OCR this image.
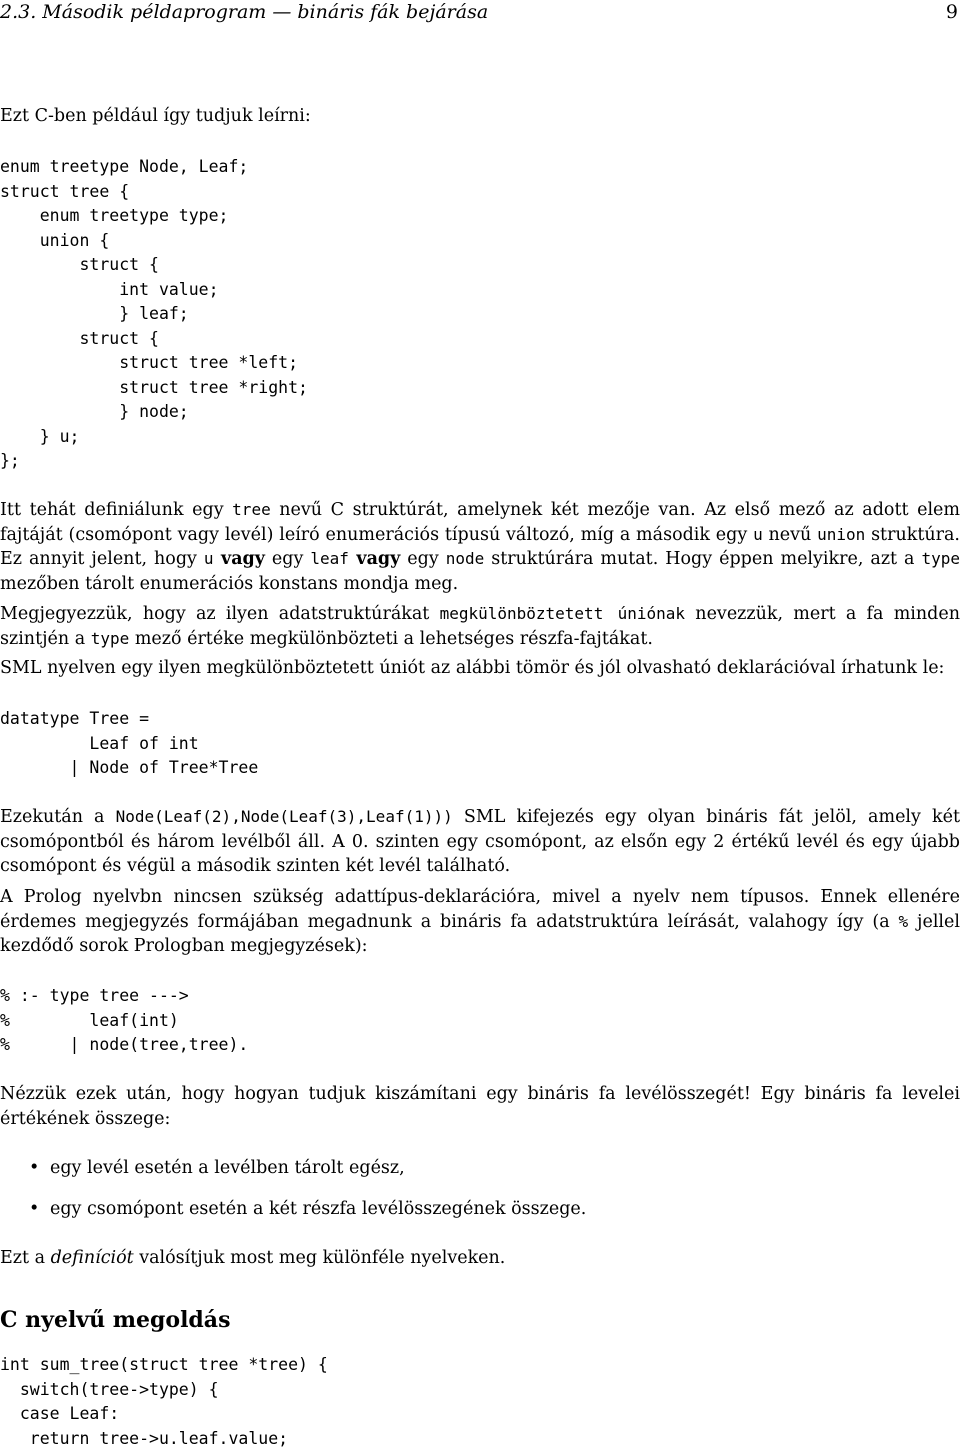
2.3. Második példaprogram — bináris fák bejárása	9

Ezt C-ben például így tudjuk leírni:

enum treetype Node, Leaf;
struct tree {
enum treetype type;
union {
struct {
int value;
} leaf;
struct {
struct tree *left;
struct tree *right;
} node;
} u;
};

Itt tehát definiálunk egy tree nevű C struktúrát, amelynek két mezője van. Az első mező az adott elem fajtáját (csomópont vagy levél) leíró enumerációs típusú változó, míg a második egy u nevű union struktúra. Ez annyit jelent, hogy u vagy egy leaf vagy egy node struktúrára mutat. Hogy éppen melyikre, azt a type mezőben tárolt enumerációs konstans mondja meg.

Megjegyezzük, hogy az ilyen adatstruktúrákat megkülönböztetett úniónak nevezzük, mert a fa minden szintjén a type mező értéke megkülönbözteti a lehetséges részfa-fajtákat.

SML nyelven egy ilyen megkülönböztetett úniót az alábbi tömör és jól olvasható deklarációval írhatunk le:

datatype Tree =
Leaf of int
| Node of Tree*Tree

Ezekután a Node(Leaf(2),Node(Leaf(3),Leaf(1))) SML kifejezés egy olyan bináris fát jelöl, amely két csomópontból és három levélből áll. A 0. szinten egy csomópont, az elsőn egy 2 értékű levél és egy újabb csomópont és végül a második szinten két levél található.

A Prolog nyelvbn nincsen szükség adattípus-deklarációra, mivel a nyelv nem típusos. Ennek ellenére érdemes megjegyzés formájában megadnunk a bináris fa adatstruktúra leírását, valahogy így (a % jellel kezdődő sorok Prologban megjegyzések):

% :- type tree --->
%        leaf(int)
%      | node(tree,tree).

Nézzük ezek után, hogy hogyan tudjuk kiszámítani egy bináris fa levélösszegét! Egy bináris fa levelei értékének összege:

• egy levél esetén a levélben tárolt egész,
• egy csomópont esetén a két részfa levélösszegének összege.

Ezt a definíciót valósítjuk most meg különféle nyelveken.

C nyelvű megoldás
int sum_tree(struct tree *tree) {
switch(tree->type) {
case Leaf:
return tree->u.leaf.value;
